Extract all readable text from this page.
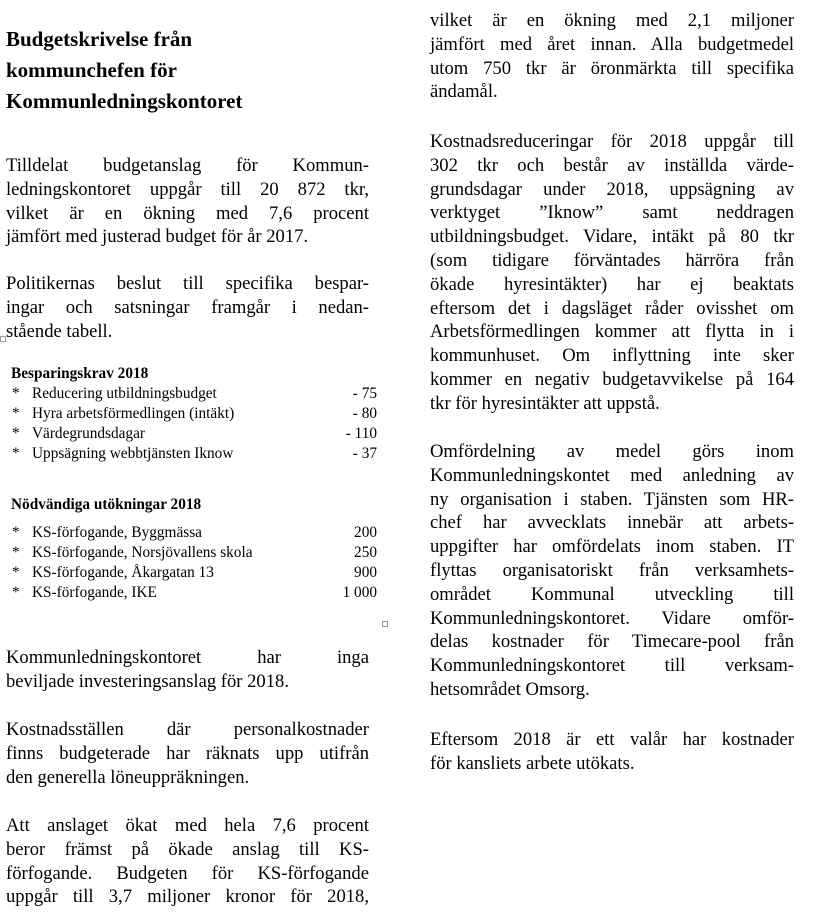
Budgetskrivelse från
kommunchefen för
Kommunledningskontoret

Tilldelat budgetanslag för Kommun-
ledningskontoret uppgår till 20 872 tkr,
vilket är en ökning med 7,6 procent
jämfört med justerad budget för år 2017.

Politikernas beslut till specifika bespar-
ingar och satsningar framgår i nedan-
stående tabell.

Besparingskrav 2018

* Reducering utbildningsbudget	- 75
* Hyra arbetsförmedlingen (intäkt)	- 80
* Värdegrundsdagar	- 110
* Uppsägning webbtjänsten Iknow	- 37

Nödvändiga utökningar 2018

* KS-förfogande, Byggmässa	200
* KS-förfogande, Norsjövallens skola	250
* KS-förfogande, Åkargatan 13	900
* KS-förfogande, IKE	1 000

Kommunledningskontoret har inga
beviljade investeringsanslag för 2018.

Kostnadsställen där personalkostnader
finns budgeterade har räknats upp utifrån
den generella löneuppräkningen.

Att anslaget ökat med hela 7,6 procent
beror främst på ökade anslag till KS-
förfogande. Budgeten för KS-förfogande
uppgår till 3,7 miljoner kronor för 2018,

vilket är en ökning med 2,1 miljoner
jämfört med året innan. Alla budgetmedel
utom 750 tkr är öronmärkta till specifika
ändamål.

Kostnadsreduceringar för 2018 uppgår till
302 tkr och består av inställda värde-
grundsdagar under 2018, uppsägning av
verktyget ”Iknow” samt neddragen
utbildningsbudget. Vidare, intäkt på 80 tkr
(som tidigare förväntades härröra från
ökade hyresintäkter) har ej beaktats
eftersom det i dagsläget råder ovisshet om
Arbetsförmedlingen kommer att flytta in i
kommunhuset. Om inflyttning inte sker
kommer en negativ budgetavvikelse på 164
tkr för hyresintäkter att uppstå.

Omfördelning av medel görs inom
Kommunledningskontet med anledning av
ny organisation i staben. Tjänsten som HR-
chef har avvecklats innebär att arbets-
uppgifter har omfördelats inom staben. IT
flyttas organisatoriskt från verksamhets-
området Kommunal utveckling till
Kommunledningskontoret. Vidare omför-
delas kostnader för Timecare-pool från
Kommunledningskontoret till verksam-
hetsområdet Omsorg.

Eftersom 2018 är ett valår har kostnader
för kansliets arbete utökats.
